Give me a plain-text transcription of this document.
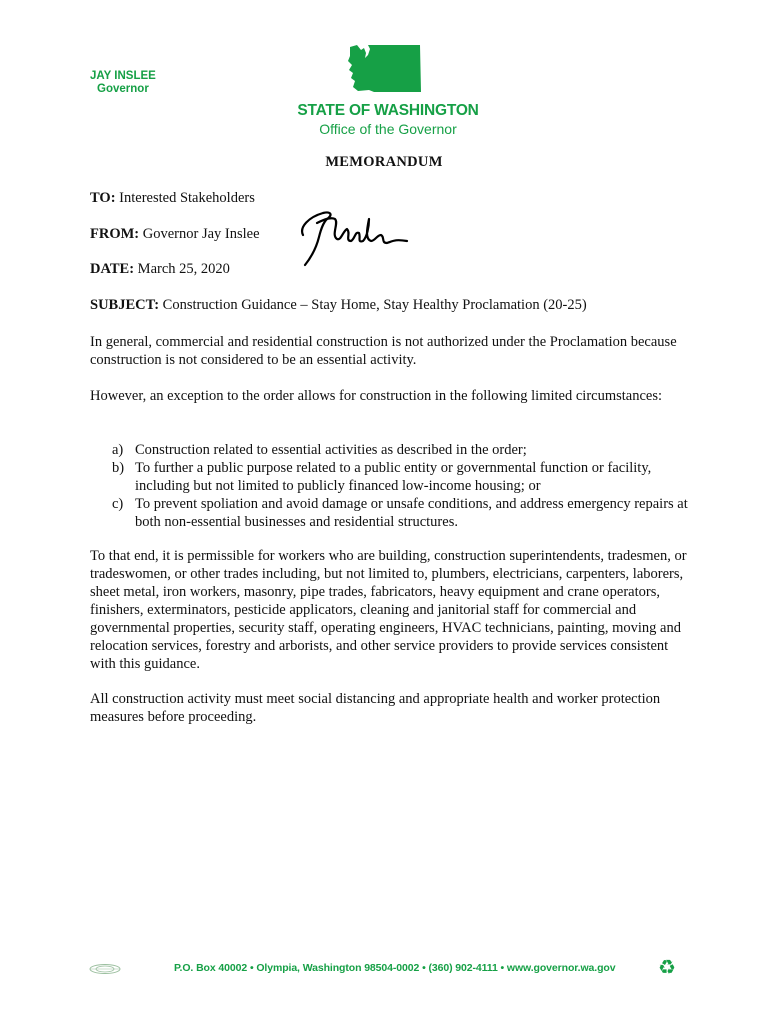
JAY INSLEE
Governor
STATE OF WASHINGTON
Office of the Governor
MEMORANDUM
TO: Interested Stakeholders
FROM: Governor Jay Inslee
DATE: March 25, 2020
SUBJECT: Construction Guidance – Stay Home, Stay Healthy Proclamation (20-25)
In general, commercial and residential construction is not authorized under the Proclamation because construction is not considered to be an essential activity.
However, an exception to the order allows for construction in the following limited circumstances:
a) Construction related to essential activities as described in the order;
b) To further a public purpose related to a public entity or governmental function or facility, including but not limited to publicly financed low-income housing; or
c) To prevent spoliation and avoid damage or unsafe conditions, and address emergency repairs at both non-essential businesses and residential structures.
To that end, it is permissible for workers who are building, construction superintendents, tradesmen, or tradeswomen, or other trades including, but not limited to, plumbers, electricians, carpenters, laborers, sheet metal, iron workers, masonry, pipe trades, fabricators, heavy equipment and crane operators, finishers, exterminators, pesticide applicators, cleaning and janitorial staff for commercial and governmental properties, security staff, operating engineers, HVAC technicians, painting, moving and relocation services, forestry and arborists, and other service providers to provide services consistent with this guidance.
All construction activity must meet social distancing and appropriate health and worker protection measures before proceeding.
P.O. Box 40002 • Olympia, Washington 98504-0002 • (360) 902-4111 • www.governor.wa.gov ♻
